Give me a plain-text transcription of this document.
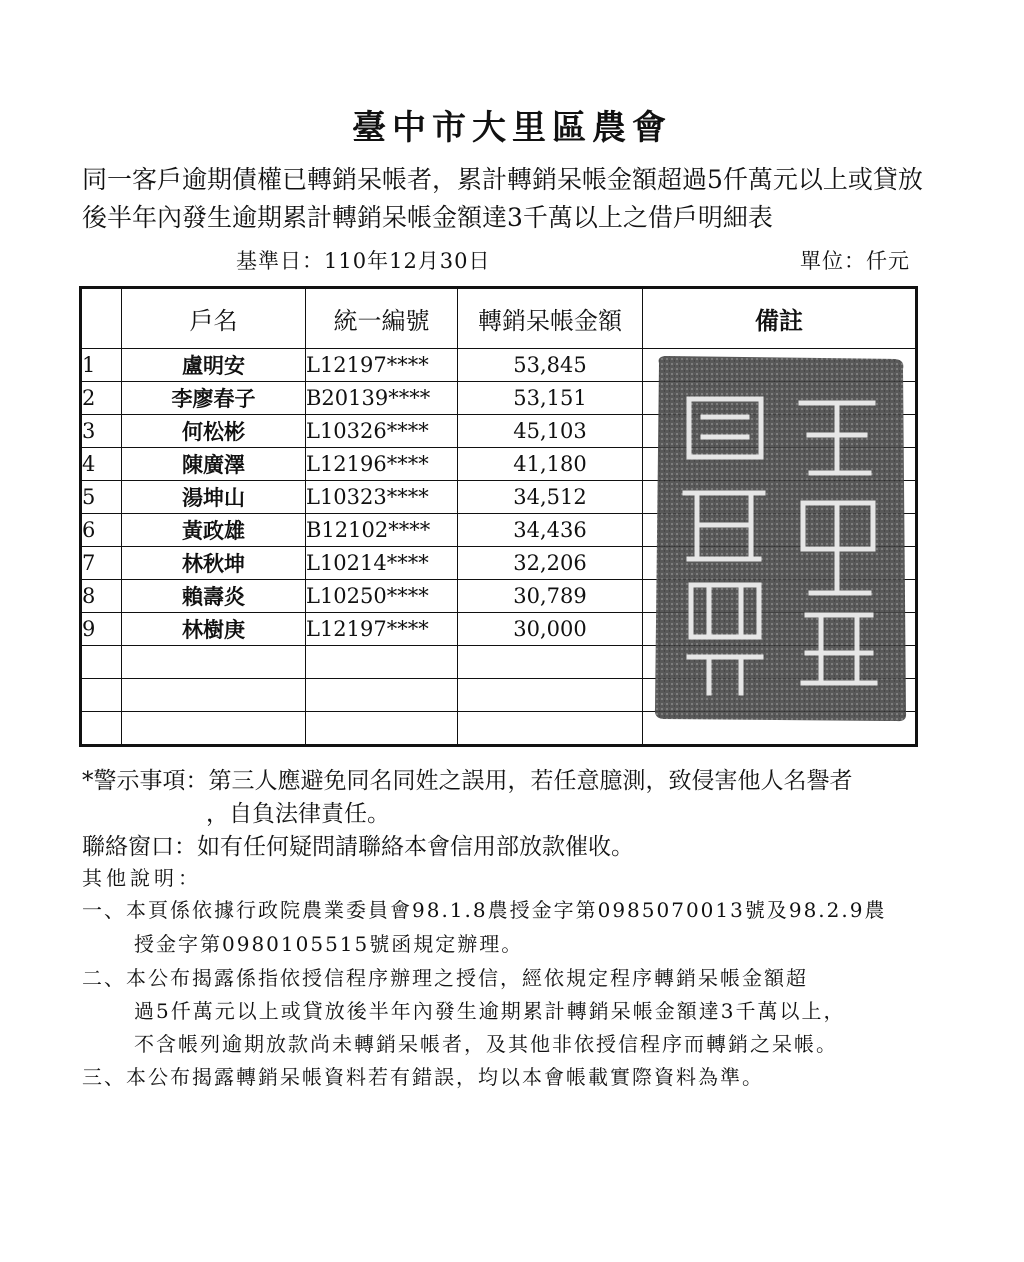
臺中市大里區農會
同一客戶逾期債權已轉銷呆帳者，累計轉銷呆帳金額超過5仟萬元以上或貸放
後半年內發生逾期累計轉銷呆帳金額達3千萬以上之借戶明細表
基準日：110年12月30日	單位：仟元
	戶名	統一編號	轉銷呆帳金額	備註
1	盧明安	L12197****	53,845	
2	李廖春子	B20139****	53,151	
3	何松彬	L10326****	45,103	
4	陳廣澤	L12196****	41,180	
5	湯坤山	L10323****	34,512	
6	黃政雄	B12102****	34,436	
7	林秋坤	L10214****	32,206	
8	賴壽炎	L10250****	30,789	
9	林樹庚	L12197****	30,000	

*警示事項：第三人應避免同名同姓之誤用，若任意臆測，致侵害他人名譽者
，自負法律責任。
聯絡窗口：如有任何疑問請聯絡本會信用部放款催收。
其他說明：
一、本頁係依據行政院農業委員會98.1.8農授金字第0985070013號及98.2.9農
授金字第0980105515號函規定辦理。
二、本公布揭露係指依授信程序辦理之授信，經依規定程序轉銷呆帳金額超
過5仟萬元以上或貸放後半年內發生逾期累計轉銷呆帳金額達3千萬以上，
不含帳列逾期放款尚未轉銷呆帳者，及其他非依授信程序而轉銷之呆帳。
三、本公布揭露轉銷呆帳資料若有錯誤，均以本會帳載實際資料為準。
